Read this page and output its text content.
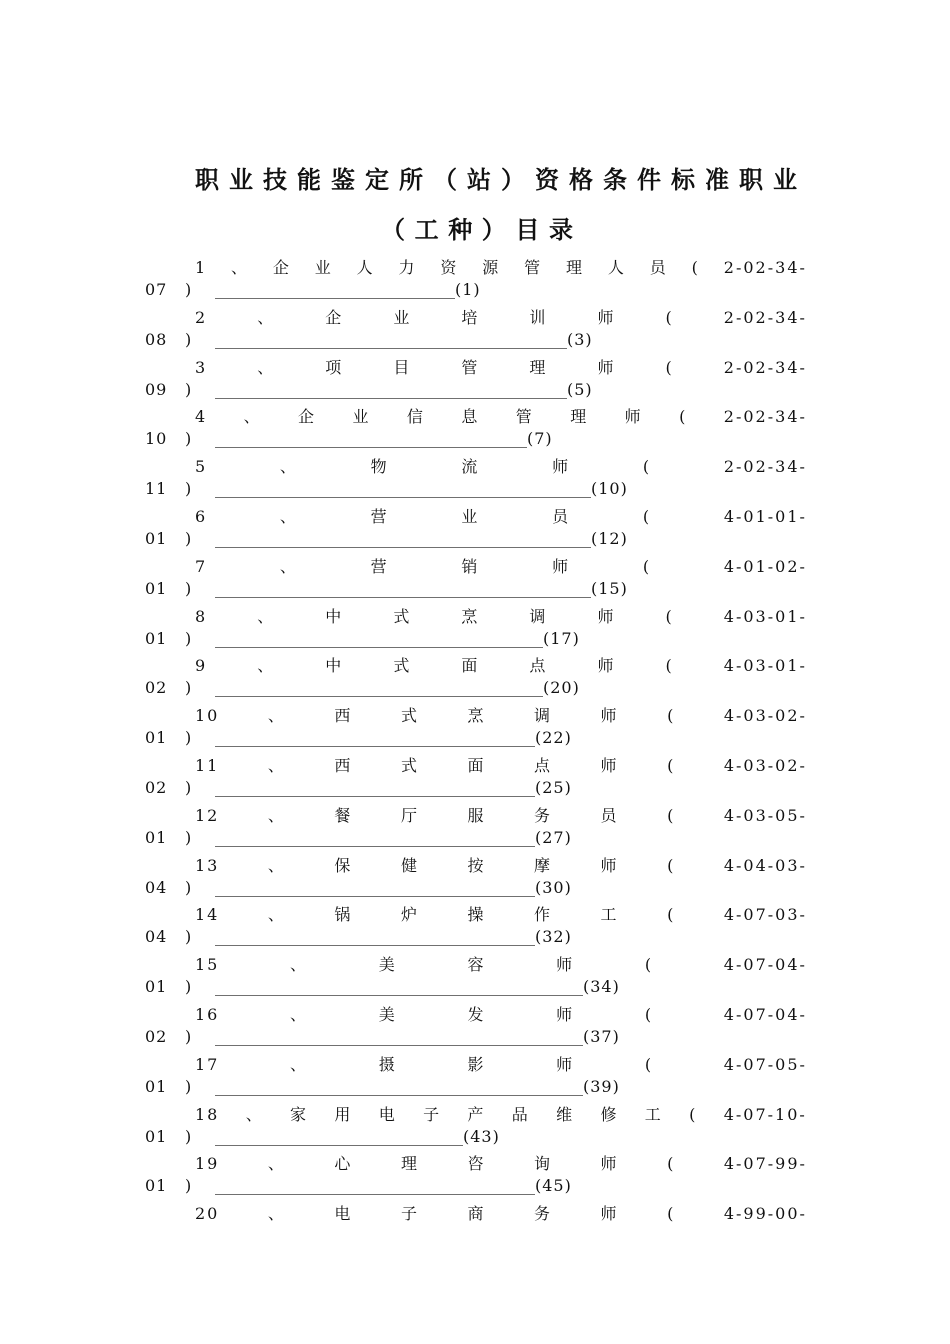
职 业 技 能 鉴 定 所 （ 站 ） 资 格 条 件 标 准 职 业
（ 工 种 ） 目 录
1 、 企 业 人 力 资 源 管 理 人 员 ( 2-02-34-
07 ) ______________________________(1)
2	、	企	业	培	训	师	(	2-02-34-
08 ) ____________________________________________(3)
3	、	项	目	管	理	师	(	2-02-34-
09 ) ____________________________________________(5)
4 、 企 业 信 息 管 理 师 ( 2-02-34-
10 ) _______________________________________(7)
5	、	物	流	师	(	2-02-34-
11 ) _______________________________________________(10)
6	、	营	业	员	(	4-01-01-
01 ) _______________________________________________(12)
7	、	营	销	师	(	4-01-02-
01 ) _______________________________________________(15)
8	、	中	式	烹	调	师	(	4-03-01-
01 ) _________________________________________(17)
9	、	中	式	面	点	师	(	4-03-01-
02 ) _________________________________________(20)
10	、	西	式	烹	调	师	(	4-03-02-
01 ) ________________________________________(22)
11	、	西	式	面	点	师	(	4-03-02-
02 ) ________________________________________(25)
12	、	餐	厅	服	务	员	(	4-03-05-
01 ) ________________________________________(27)
13	、	保	健	按	摩	师	(	4-04-03-
04 ) ________________________________________(30)
14	、	锅	炉	操	作	工	(	4-07-03-
04 ) ________________________________________(32)
15	、	美	容	师	(	4-07-04-
01 ) ______________________________________________(34)
16	、	美	发	师	(	4-07-04-
02 ) ______________________________________________(37)
17	、	摄	影	师	(	4-07-05-
01 ) ______________________________________________(39)
18 、 家 用 电 子 产 品 维 修 工 ( 4-07-10-
01 ) _______________________________(43)
19	、	心	理	咨	询	师	(	4-07-99-
01 ) ________________________________________(45)
20	、	电	子	商	务	师	(	4-99-00-
